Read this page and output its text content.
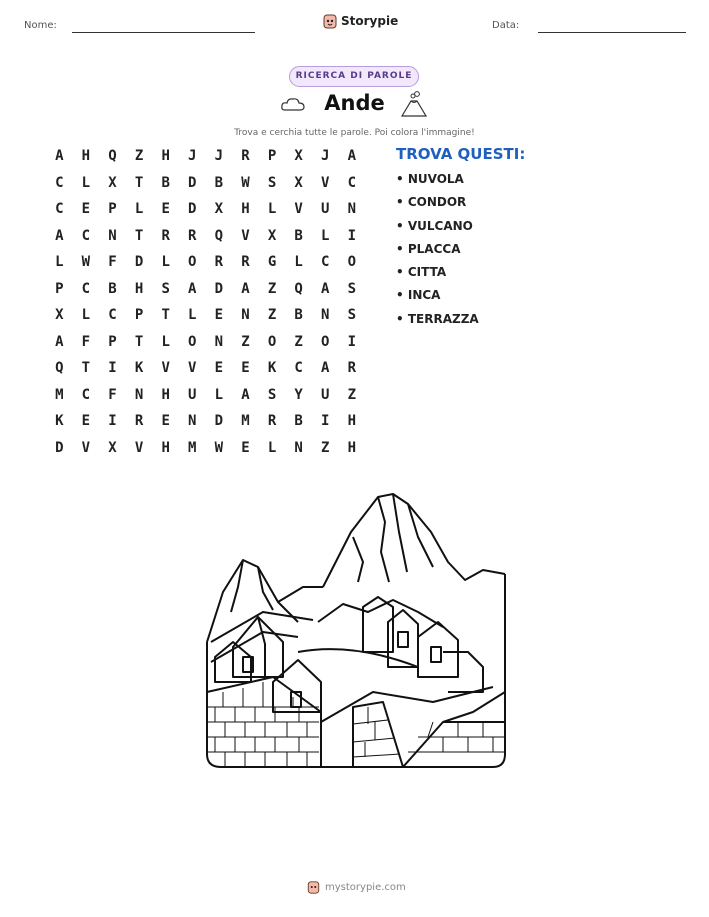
Nome:	Storypie	Data:
RICERCA DI PAROLE
Ande
Trova e cerchia tutte le parole. Poi colora l'immagine!
A	H	Q	Z	H	J	J	R	P	X	J	A
C	L	X	T	B	D	B	W	S	X	V	C
C	E	P	L	E	D	X	H	L	V	U	N
A	C	N	T	R	R	Q	V	X	B	L	I
L	W	F	D	L	O	R	R	G	L	C	O
P	C	B	H	S	A	D	A	Z	Q	A	S
X	L	C	P	T	L	E	N	Z	B	N	S
A	F	P	T	L	O	N	Z	O	Z	O	I
Q	T	I	K	V	V	E	E	K	C	A	R
M	C	F	N	H	U	L	A	S	Y	U	Z
K	E	I	R	E	N	D	M	R	B	I	H
D	V	X	V	H	M	W	E	L	N	Z	H
TROVA QUESTI:
• NUVOLA
• CONDOR
• VULCANO
• PLACCA
• CITTA
• INCA
• TERRAZZA
mystorypie.com
